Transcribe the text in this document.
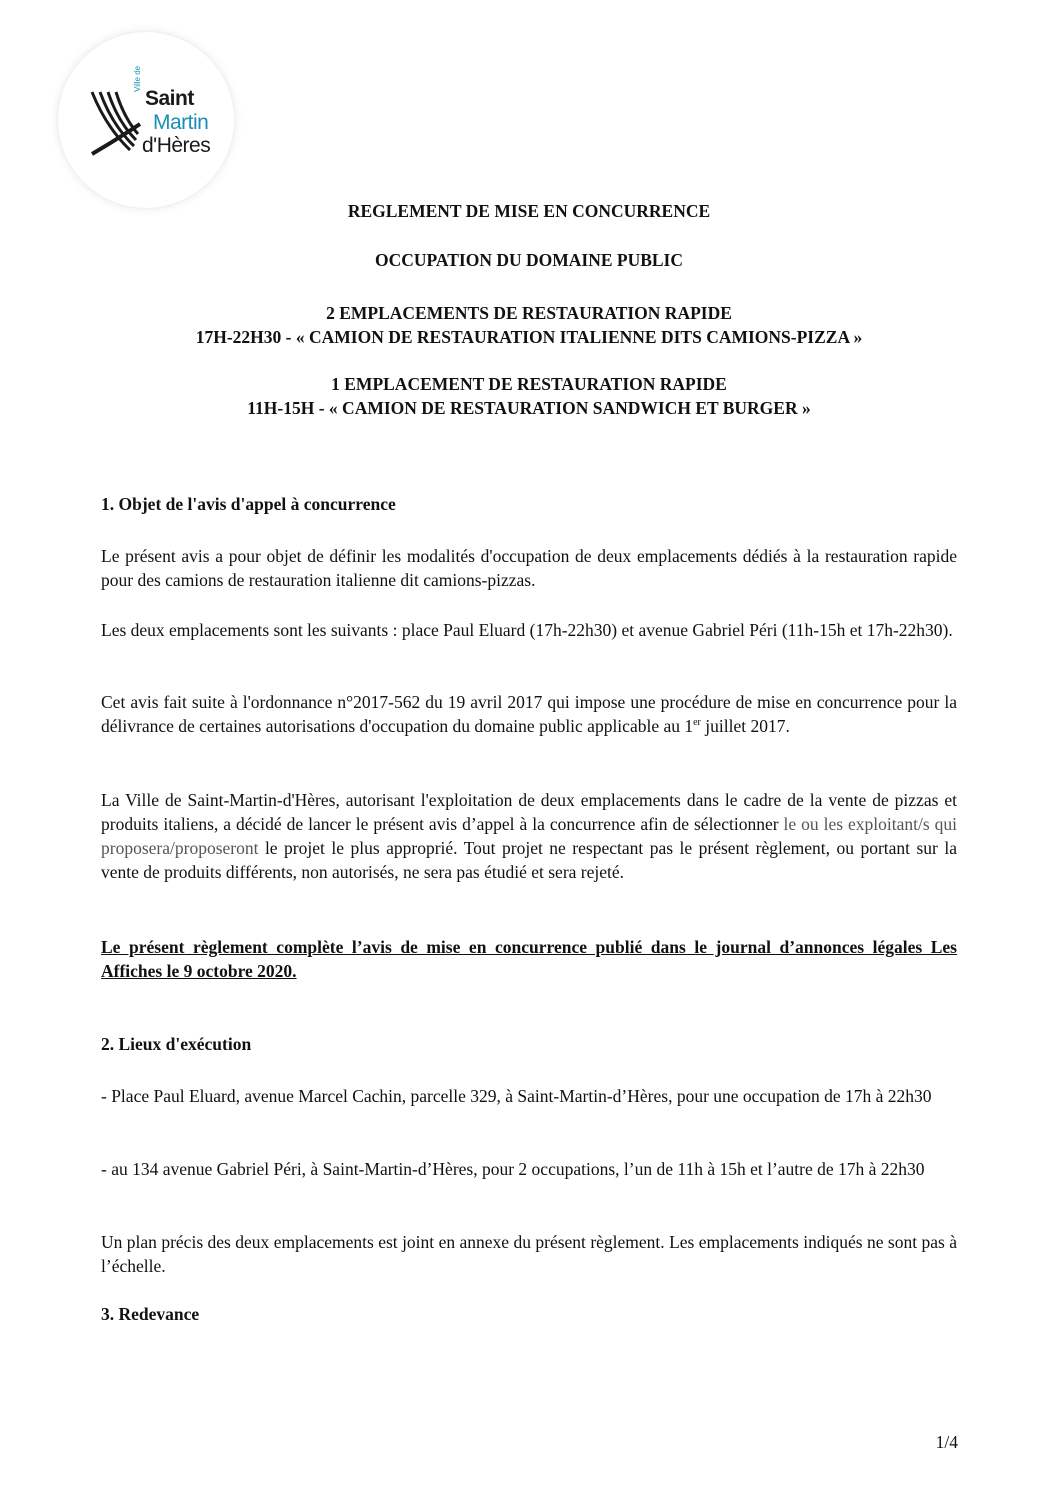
Ville de
Saint
Martin
d'Hères
REGLEMENT DE MISE EN CONCURRENCE
OCCUPATION DU DOMAINE PUBLIC
2 EMPLACEMENTS DE RESTAURATION RAPIDE
17H-22H30 - « CAMION DE RESTAURATION ITALIENNE DITS CAMIONS-PIZZA »
1 EMPLACEMENT DE RESTAURATION RAPIDE
11H-15H - « CAMION DE RESTAURATION SANDWICH ET BURGER »
1. Objet de l'avis d'appel à concurrence

Le présent avis a pour objet de définir les modalités d'occupation de deux emplacements dédiés à la restauration rapide pour des camions de restauration italienne dit camions-pizzas.

Les deux emplacements sont les suivants : place Paul Eluard (17h-22h30) et avenue Gabriel Péri (11h-15h et 17h-22h30).

Cet avis fait suite à l'ordonnance n°2017-562 du 19 avril 2017 qui impose une procédure de mise en concurrence pour la délivrance de certaines autorisations d'occupation du domaine public applicable au 1er juillet 2017.

La Ville de Saint-Martin-d'Hères, autorisant l'exploitation de deux emplacements dans le cadre de la vente de pizzas et produits italiens, a décidé de lancer le présent avis d’appel à la concurrence afin de sélectionner le ou les exploitant/s qui proposera/proposeront le projet le plus approprié. Tout projet ne respectant pas le présent règlement, ou portant sur la vente de produits différents, non autorisés, ne sera pas étudié et sera rejeté.

Le présent règlement complète l’avis de mise en concurrence publié dans le journal d’annonces légales Les Affiches le 9 octobre 2020.

2. Lieux d'exécution

- Place Paul Eluard, avenue Marcel Cachin, parcelle 329, à Saint-Martin-d’Hères, pour une occupation de 17h à 22h30

- au 134 avenue Gabriel Péri, à Saint-Martin-d’Hères, pour 2 occupations, l’un de 11h à 15h et l’autre de 17h à 22h30

Un plan précis des deux emplacements est joint en annexe du présent règlement. Les emplacements indiqués ne sont pas à l’échelle.

3. Redevance
1/4
